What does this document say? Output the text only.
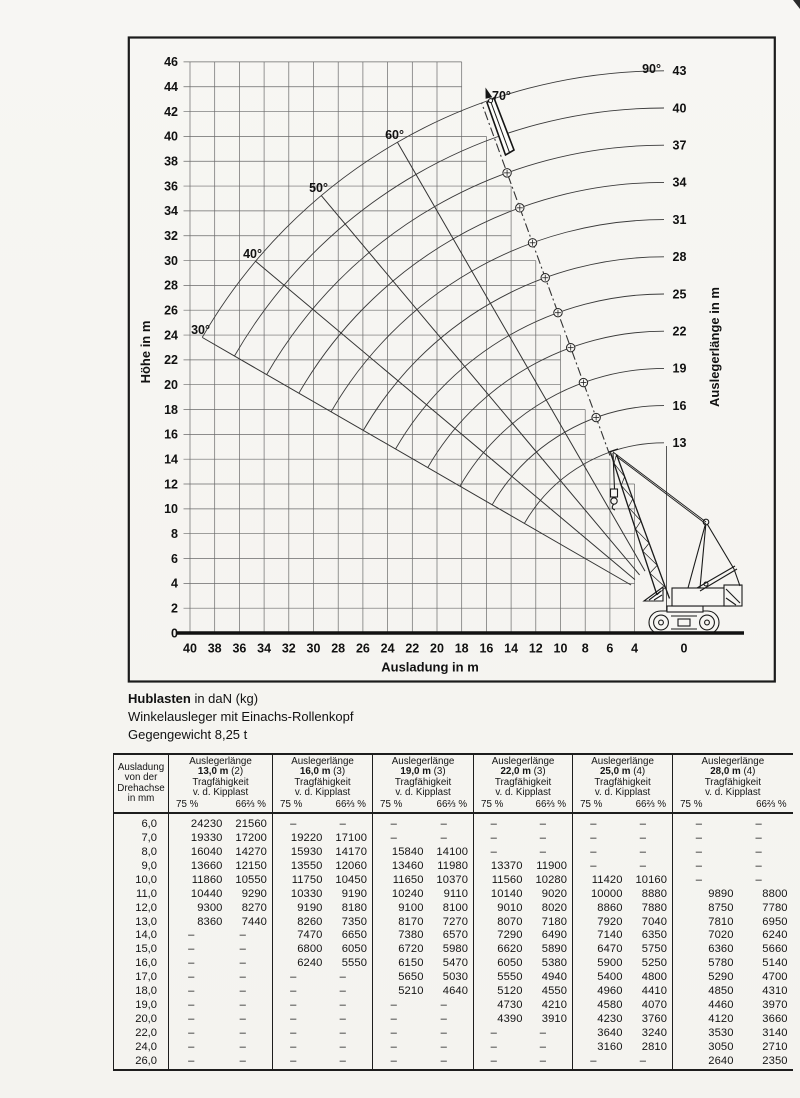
46
44
42
40
38
36
34
32
30
28
26
24
22
20
18
16
14
12
10
8
6
4
2
0
40 38 36 34 32 30 28 26 24 22 20 18 16 14 12 10 8 6 4	0
43
40
37
34
31
28
25
22
19
16
13
Ausladung in m
Höhe in m	Auslegerlänge in m
30°
40°
50°
60°
70°
90°
Hublasten in daN (kg)
Winkelausleger mit Einachs-Rollenkopf
Gegengewicht 8,25 t
Ausladung
von der
Drehachse
in mm

Auslegerlänge
13,0 m (2)
Tragfähigkeit
v. d. Kipplast
75 %	66⅔ %

Auslegerlänge
16,0 m (3)
Tragfähigkeit
v. d. Kipplast
75 %	66⅔ %

Auslegerlänge
19,0 m (3)
Tragfähigkeit
v. d. Kipplast
75 %	66⅔ %

Auslegerlänge
22,0 m (3)
Tragfähigkeit
v. d. Kipplast
75 %	66⅔ %

Auslegerlänge
25,0 m (4)
Tragfähigkeit
v. d. Kipplast
75 %	66⅔ %

Auslegerlänge
28,0 m (4)
Tragfähigkeit
v. d. Kipplast
75 %	66⅔ %

6,0	24230	21560	–	–	–	–	–	–	–	–	–	–
7,0	19330	17200	19220	17100	–	–	–	–	–	–	–	–
8,0	16040	14270	15930	14170	15840	14100	–	–	–	–	–	–
9,0	13660	12150	13550	12060	13460	11980	13370	11900	–	–	–	–
10,0	11860	10550	11750	10450	11650	10370	11560	10280	11420	10160	–	–
11,0	10440	9290	10330	9190	10240	9110	10140	9020	10000	8880	9890	8800
12,0	9300	8270	9190	8180	9100	8100	9010	8020	8860	7880	8750	7780
13,0	8360	7440	8260	7350	8170	7270	8070	7180	7920	7040	7810	6950
14,0	–	–	7470	6650	7380	6570	7290	6490	7140	6350	7020	6240
15,0	–	–	6800	6050	6720	5980	6620	5890	6470	5750	6360	5660
16,0	–	–	6240	5550	6150	5470	6050	5380	5900	5250	5780	5140
17,0	–	–	–	–	5650	5030	5550	4940	5400	4800	5290	4700
18,0	–	–	–	–	5210	4640	5120	4550	4960	4410	4850	4310
19,0	–	–	–	–	–	–	4730	4210	4580	4070	4460	3970
20,0	–	–	–	–	–	–	4390	3910	4230	3760	4120	3660
22,0	–	–	–	–	–	–	–	–	3640	3240	3530	3140
24,0	–	–	–	–	–	–	–	–	3160	2810	3050	2710
26,0	–	–	–	–	–	–	–	–	–	–	2640	2350
